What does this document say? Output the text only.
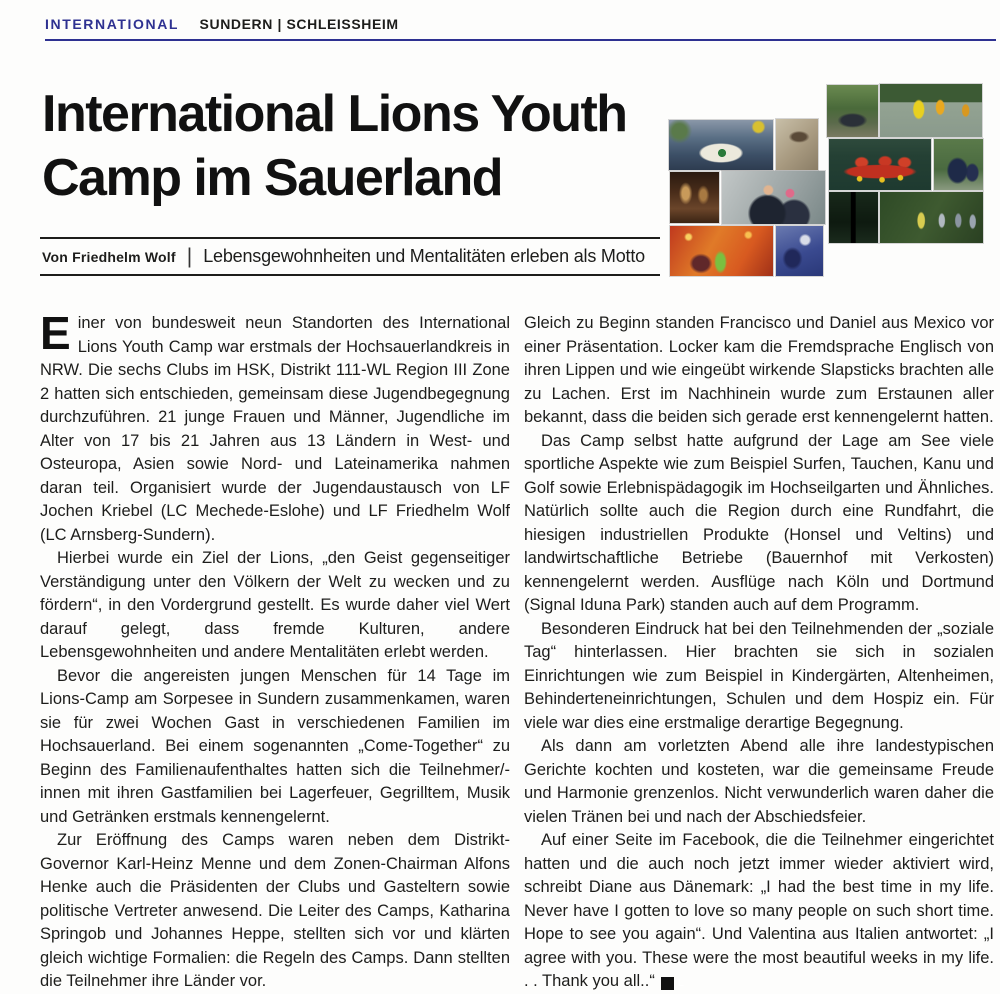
INTERNATIONAL SUNDERN | SCHLEISSHEIM
International Lions Youth
Camp im Sauerland
Von Friedhelm Wolf | Lebensgewohnheiten und Mentalitäten erleben als Motto

Einer von bundesweit neun Standorten des International Lions Youth Camp war erstmals der Hochsauerlandkreis in NRW. Die sechs Clubs im HSK, Distrikt 111-WL Region III Zone 2 hatten sich entschieden, gemeinsam diese Jugendbegegnung durchzuführen. 21 junge Frauen und Männer, Jugendliche im Alter von 17 bis 21 Jahren aus 13 Ländern in West- und Osteuropa, Asien sowie Nord- und Lateinamerika nahmen daran teil. Organisiert wurde der Jugendaustausch von LF Jochen Kriebel (LC Mechede-Eslohe) und LF Friedhelm Wolf (LC Arnsberg-Sundern).

Hierbei wurde ein Ziel der Lions, „den Geist gegenseitiger Verständigung unter den Völkern der Welt zu wecken und zu fördern“, in den Vordergrund gestellt. Es wurde daher viel Wert darauf gelegt, dass fremde Kulturen, andere Lebensgewohnheiten und andere Mentalitäten erlebt werden.

Bevor die angereisten jungen Menschen für 14 Tage im Lions-Camp am Sorpesee in Sundern zusammenkamen, waren sie für zwei Wochen Gast in verschiedenen Familien im Hochsauerland. Bei einem sogenannten „Come-Together“ zu Beginn des Familienaufenthaltes hatten sich die Teilnehmer/-innen mit ihren Gastfamilien bei Lagerfeuer, Gegrilltem, Musik und Getränken erstmals kennengelernt.

Zur Eröffnung des Camps waren neben dem Distrikt-Governor Karl-Heinz Menne und dem Zonen-Chairman Alfons Henke auch die Präsidenten der Clubs und Gasteltern sowie politische Vertreter anwesend. Die Leiter des Camps, Katharina Springob und Johannes Heppe, stellten sich vor und klärten gleich wichtige Formalien: die Regeln des Camps. Dann stellten die Teilnehmer ihre Länder vor.

Gleich zu Beginn standen Francisco und Daniel aus Mexico vor einer Präsentation. Locker kam die Fremdsprache Englisch von ihren Lippen und wie eingeübt wirkende Slapsticks brachten alle zu Lachen. Erst im Nachhinein wurde zum Erstaunen aller bekannt, dass die beiden sich gerade erst kennengelernt hatten.

Das Camp selbst hatte aufgrund der Lage am See viele sportliche Aspekte wie zum Beispiel Surfen, Tauchen, Kanu und Golf sowie Erlebnispädagogik im Hochseilgarten und Ähnliches. Natürlich sollte auch die Region durch eine Rundfahrt, die hiesigen industriellen Produkte (Honsel und Veltins) und landwirtschaftliche Betriebe (Bauernhof mit Verkosten) kennengelernt werden. Ausflüge nach Köln und Dortmund (Signal Iduna Park) standen auch auf dem Programm.

Besonderen Eindruck hat bei den Teilnehmenden der „soziale Tag“ hinterlassen. Hier brachten sie sich in sozialen Einrichtungen wie zum Beispiel in Kindergärten, Altenheimen, Behinderteneinrichtungen, Schulen und dem Hospiz ein. Für viele war dies eine erstmalige derartige Begegnung.

Als dann am vorletzten Abend alle ihre landestypischen Gerichte kochten und kosteten, war die gemeinsame Freude und Harmonie grenzenlos. Nicht verwunderlich waren daher die vielen Tränen bei und nach der Abschiedsfeier.

Auf einer Seite im Facebook, die die Teilnehmer eingerichtet hatten und die auch noch jetzt immer wieder aktiviert wird, schreibt Diane aus Dänemark: „I had the best time in my life. Never have I gotten to love so many people on such short time. Hope to see you again“. Und Valentina aus Italien antwortet: „I agree with you. These were the most beautiful weeks in my life. . . Thank you all..“ L
